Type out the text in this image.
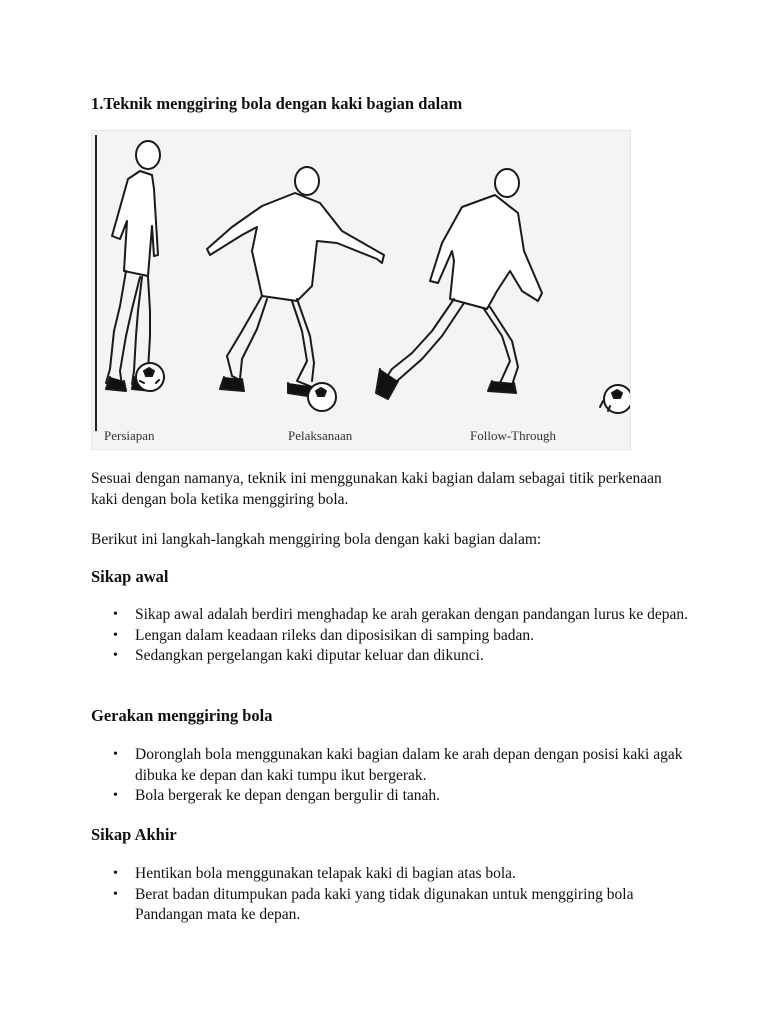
1.Teknik menggiring bola dengan kaki bagian dalam
Persiapan	Pelaksanaan	Follow-Through

Sesuai dengan namanya, teknik ini menggunakan kaki bagian dalam sebagai titik perkenaan kaki dengan bola ketika menggiring bola.

Berikut ini langkah-langkah menggiring bola dengan kaki bagian dalam:

Sikap awal
• Sikap awal adalah berdiri menghadap ke arah gerakan dengan pandangan lurus ke depan.
• Lengan dalam keadaan rileks dan diposisikan di samping badan.
• Sedangkan pergelangan kaki diputar keluar dan dikunci.
Gerakan menggiring bola
• Doronglah bola menggunakan kaki bagian dalam ke arah depan dengan posisi kaki agak dibuka ke depan dan kaki tumpu ikut bergerak.
• Bola bergerak ke depan dengan bergulir di tanah.
Sikap Akhir
• Hentikan bola menggunakan telapak kaki di bagian atas bola.
• Berat badan ditumpukan pada kaki yang tidak digunakan untuk menggiring bola Pandangan mata ke depan.
